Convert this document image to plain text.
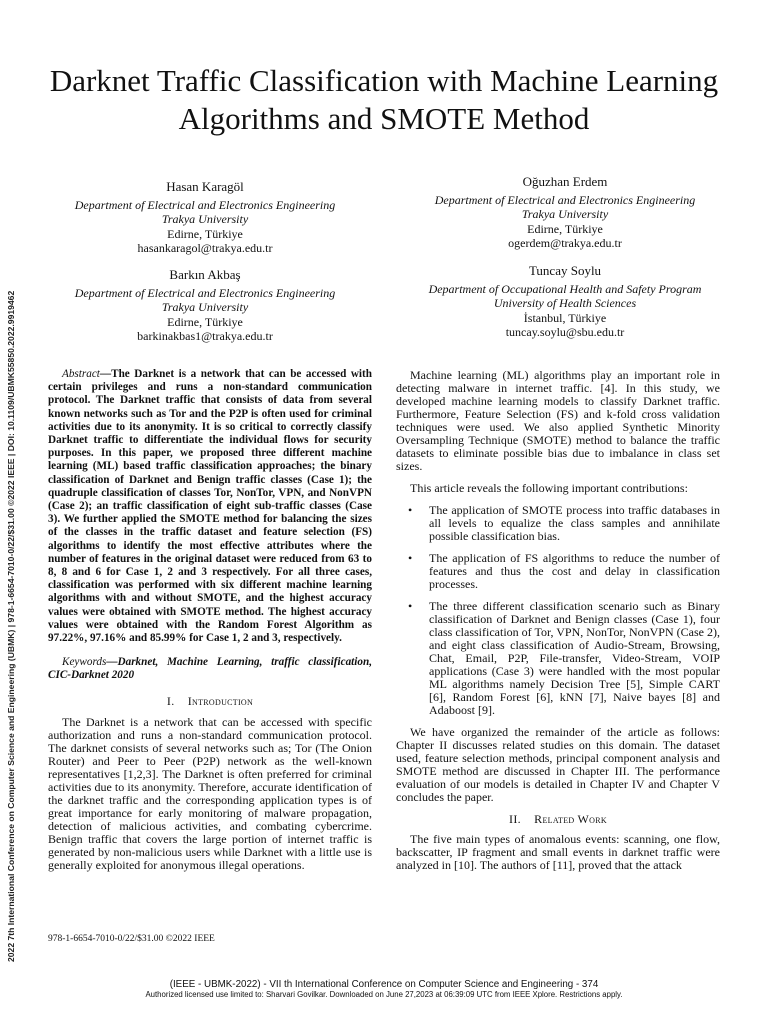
2022 7th International Conference on Computer Science and Engineering (UBMK) | 978-1-6654-7010-0/22/$31.00 ©2022 IEEE | DOI: 10.1109/UBMK55850.2022.9919462
Darknet Traffic Classification with Machine Learning Algorithms and SMOTE Method
Hasan Karagöl
Department of Electrical and Electronics Engineering
Trakya University
Edirne, Türkiye
hasankaragol@trakya.edu.tr
Oğuzhan Erdem
Department of Electrical and Electronics Engineering
Trakya University
Edirne, Türkiye
ogerdem@trakya.edu.tr
Barkın Akbaş
Department of Electrical and Electronics Engineering
Trakya University
Edirne, Türkiye
barkinakbas1@trakya.edu.tr
Tuncay Soylu
Department of Occupational Health and Safety Program
University of Health Sciences
İstanbul, Türkiye
tuncay.soylu@sbu.edu.tr

Abstract—The Darknet is a network that can be accessed with certain privileges and runs a non-standard communication protocol. The Darknet traffic that consists of data from several known networks such as Tor and the P2P is often used for criminal activities due to its anonymity. It is so critical to correctly classify Darknet traffic to differentiate the individual flows for security purposes. In this paper, we proposed three different machine learning (ML) based traffic classification approaches; the binary classification of Darknet and Benign traffic classes (Case 1); the quadruple classification of classes Tor, NonTor, VPN, and NonVPN (Case 2); an traffic classification of eight sub-traffic classes (Case 3). We further applied the SMOTE method for balancing the sizes of the classes in the traffic dataset and feature selection (FS) algorithms to identify the most effective attributes where the number of features in the original dataset were reduced from 63 to 8, 8 and 6 for Case 1, 2 and 3 respectively. For all three cases, classification was performed with six different machine learning algorithms with and without SMOTE, and the highest accuracy values were obtained with SMOTE method. The highest accuracy values were obtained with the Random Forest Algorithm as 97.22%, 97.16% and 85.99% for Case 1, 2 and 3, respectively.

Keywords—Darknet, Machine Learning, traffic classification, CIC-Darknet 2020

I. Introduction

The Darknet is a network that can be accessed with specific authorization and runs a non-standard communication protocol. The darknet consists of several networks such as; Tor (The Onion Router) and Peer to Peer (P2P) network as the well-known representatives [1,2,3]. The Darknet is often preferred for criminal activities due to its anonymity. Therefore, accurate identification of the darknet traffic and the corresponding application types is of great importance for early monitoring of malware propagation, detection of malicious activities, and combating cybercrime. Benign traffic that covers the large portion of internet traffic is generated by non-malicious users while Darknet with a little use is generally exploited for anonymous illegal operations.

978-1-6654-7010-0/22/$31.00 ©2022 IEEE

Machine learning (ML) algorithms play an important role in detecting malware in internet traffic. [4]. In this study, we developed machine learning models to classify Darknet traffic. Furthermore, Feature Selection (FS) and k-fold cross validation techniques were used. We also applied Synthetic Minority Oversampling Technique (SMOTE) method to balance the traffic datasets to eliminate possible bias due to imbalance in class set sizes.

This article reveals the following important contributions:

• The application of SMOTE process into traffic databases in all levels to equalize the class samples and annihilate possible classification bias.
• The application of FS algorithms to reduce the number of features and thus the cost and delay in classification processes.
• The three different classification scenario such as Binary classification of Darknet and Benign classes (Case 1), four class classification of Tor, VPN, NonTor, NonVPN (Case 2), and eight class classification of Audio-Stream, Browsing, Chat, Email, P2P, File-transfer, Video-Stream, VOIP applications (Case 3) were handled with the most popular ML algorithms namely Decision Tree [5], Simple CART [6], Random Forest [6], kNN [7], Naive bayes [8] and Adaboost [9].

We have organized the remainder of the article as follows: Chapter II discusses related studies on this domain. The dataset used, feature selection methods, principal component analysis and SMOTE method are discussed in Chapter III. The performance evaluation of our models is detailed in Chapter IV and Chapter V concludes the paper.

II. Related Work

The five main types of anomalous events: scanning, one flow, backscatter, IP fragment and small events in darknet traffic were analyzed in [10]. The authors of [11], proved that the attack

(IEEE - UBMK-2022) - VII th International Conference on Computer Science and Engineering - 374
Authorized licensed use limited to: Sharvari Govilkar. Downloaded on June 27,2023 at 06:39:09 UTC from IEEE Xplore. Restrictions apply.
